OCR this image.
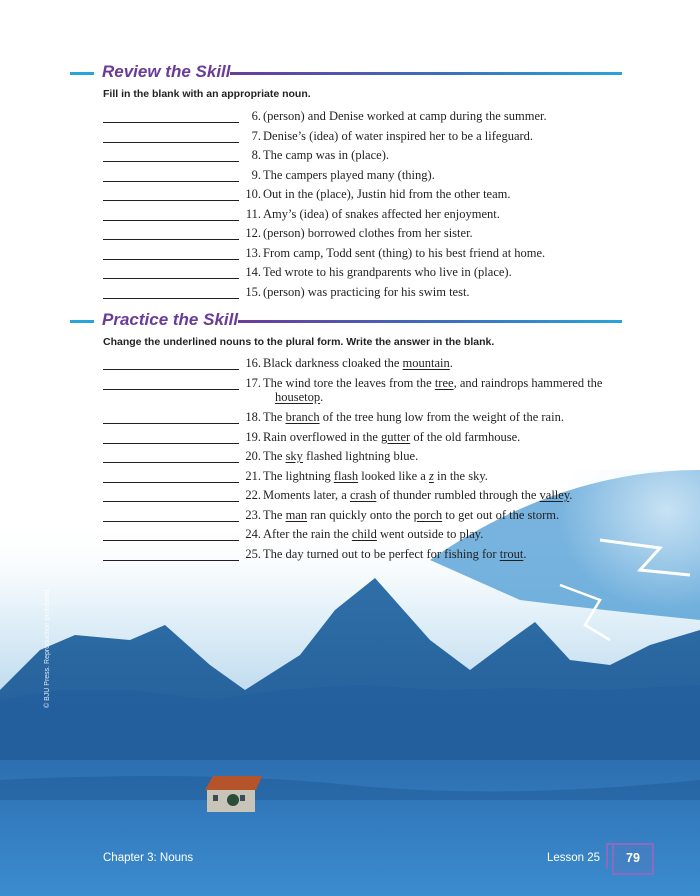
Review the Skill
Fill in the blank with an appropriate noun.
6. (person) and Denise worked at camp during the summer.
7. Denise’s (idea) of water inspired her to be a lifeguard.
8. The camp was in (place).
9. The campers played many (thing).
10. Out in the (place), Justin hid from the other team.
11. Amy’s (idea) of snakes affected her enjoyment.
12. (person) borrowed clothes from her sister.
13. From camp, Todd sent (thing) to his best friend at home.
14. Ted wrote to his grandparents who live in (place).
15. (person) was practicing for his swim test.
Practice the Skill
Change the underlined nouns to the plural form. Write the answer in the blank.
16. Black darkness cloaked the mountain.
17. The wind tore the leaves from the tree, and raindrops hammered the housetop.
18. The branch of the tree hung low from the weight of the rain.
19. Rain overflowed in the gutter of the old farmhouse.
20. The sky flashed lightning blue.
21. The lightning flash looked like a z in the sky.
22. Moments later, a crash of thunder rumbled through the valley.
23. The man ran quickly onto the porch to get out of the storm.
24. After the rain the child went outside to play.
25. The day turned out to be perfect for fishing for trout.
© BJU Press. Reproduction prohibited.
Chapter 3: Nouns	Lesson 25	79
